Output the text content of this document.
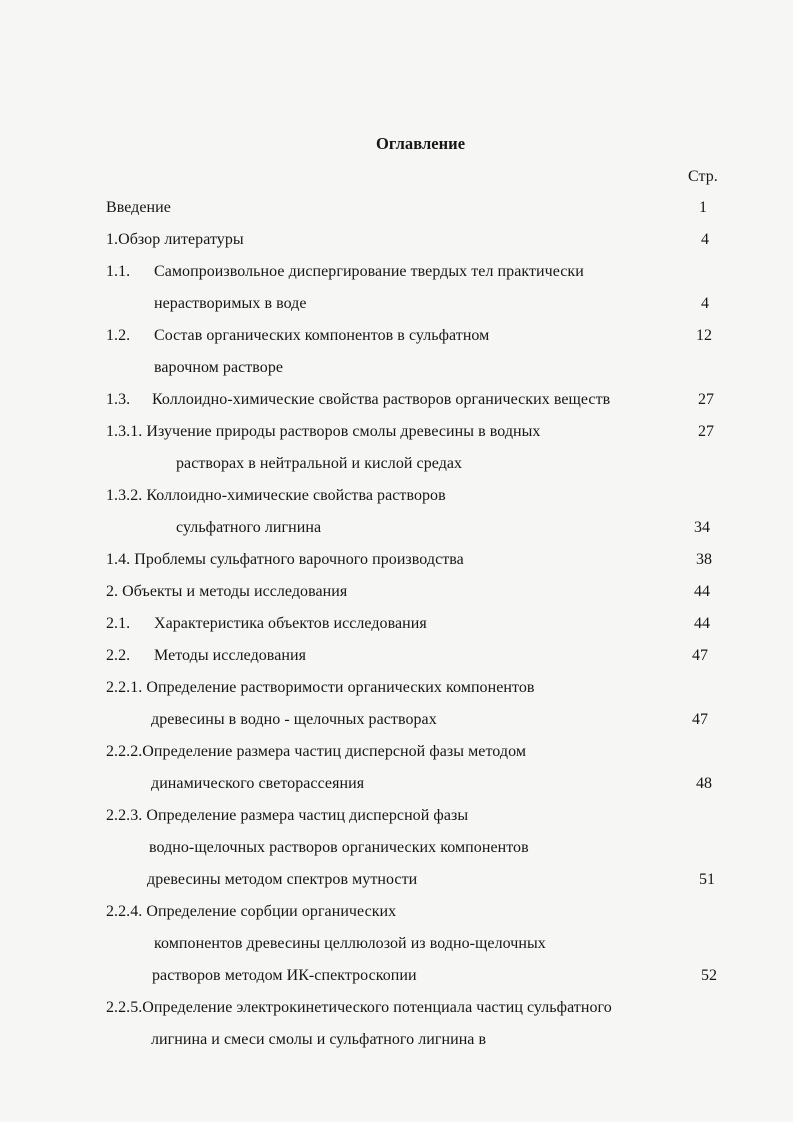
Оглавление
Стр.
Введение	1
1.Обзор литературы	4
1.1. Самопроизвольное диспергирование твердых тел практически
нерастворимых в воде	4
1.2. Состав органических компонентов в сульфатном	12
варочном растворе
1.3. Коллоидно-химические свойства растворов органических веществ	27
1.3.1. Изучение природы растворов смолы древесины в водных	27
растворах в нейтральной и кислой средах
1.3.2. Коллоидно-химические свойства растворов
сульфатного лигнина	34
1.4. Проблемы сульфатного варочного производства	38
2. Объекты и методы исследования	44
2.1. Характеристика объектов исследования	44
2.2. Методы исследования	47
2.2.1. Определение растворимости органических компонентов
древесины в водно - щелочных растворах	47
2.2.2.Определение размера частиц дисперсной фазы методом
динамического светорассеяния	48
2.2.3. Определение размера частиц дисперсной фазы
водно-щелочных растворов органических компонентов
древесины методом спектров мутности	51
2.2.4. Определение сорбции органических
компонентов древесины целлюлозой из водно-щелочных
растворов методом ИК-спектроскопии	52
2.2.5.Определение электрокинетического потенциала частиц сульфатного
лигнина и смеси смолы и сульфатного лигнина в
